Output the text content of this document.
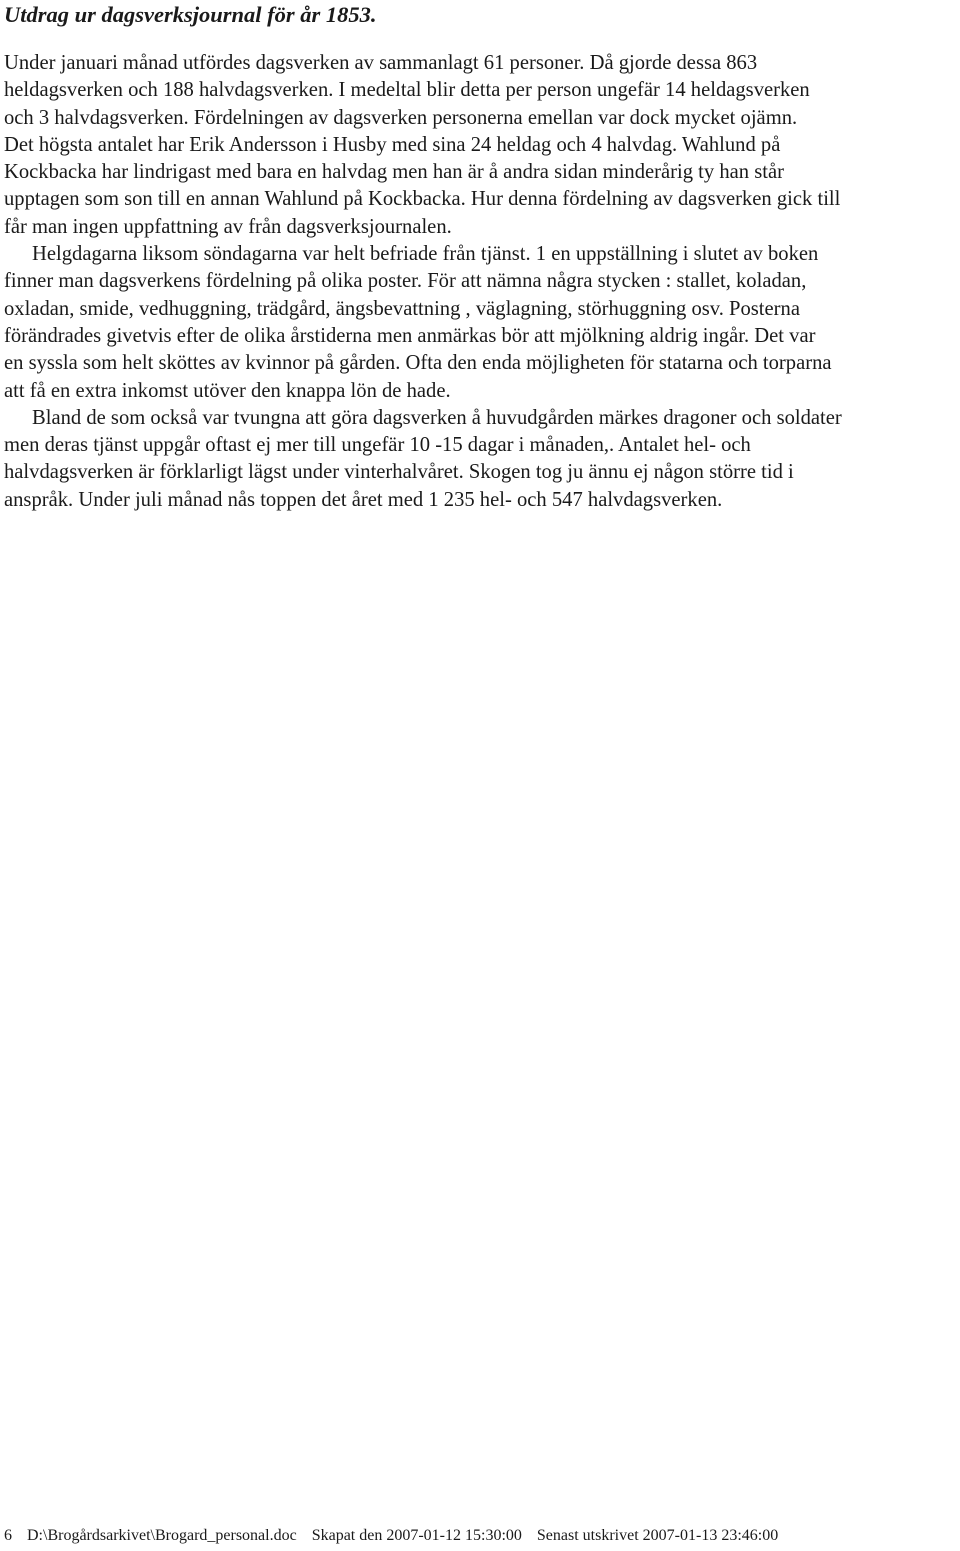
Utdrag ur dagsverksjournal för år 1853.
Under januari månad utfördes dagsverken av sammanlagt 61 personer. Då gjorde dessa 863
heldagsverken och 188 halvdagsverken. I medeltal blir detta per person ungefär 14 heldagsverken
och 3 halvdagsverken. Fördelningen av dagsverken personerna emellan var dock mycket ojämn.
Det högsta antalet har Erik Andersson i Husby med sina 24 heldag och 4 halvdag. Wahlund på
Kockbacka har lindrigast med bara en halvdag men han är å andra sidan minderårig ty han står
upptagen som son till en annan Wahlund på Kockbacka. Hur denna fördelning av dagsverken gick till
får man ingen uppfattning av från dagsverksjournalen.
Helgdagarna liksom söndagarna var helt befriade från tjänst. 1 en uppställning i slutet av boken
finner man dagsverkens fördelning på olika poster. För att nämna några stycken : stallet, koladan,
oxladan, smide, vedhuggning, trädgård, ängsbevattning , väglagning, störhuggning osv. Posterna
förändrades givetvis efter de olika årstiderna men anmärkas bör att mjölkning aldrig ingår. Det var
en syssla som helt sköttes av kvinnor på gården. Ofta den enda möjligheten för statarna och torparna
att få en extra inkomst utöver den knappa lön de hade.
Bland de som också var tvungna att göra dagsverken å huvudgården märkes dragoner och soldater
men deras tjänst uppgår oftast ej mer till ungefär 10 -15 dagar i månaden,. Antalet hel- och
halvdagsverken är förklarligt lägst under vinterhalvåret. Skogen tog ju ännu ej någon större tid i
anspråk. Under juli månad nås toppen det året med 1 235 hel- och 547 halvdagsverken.
6 D:\Brogårdsarkivet\Brogard_personal.doc Skapat den 2007-01-12 15:30:00 Senast utskrivet 2007-01-13 23:46:00
